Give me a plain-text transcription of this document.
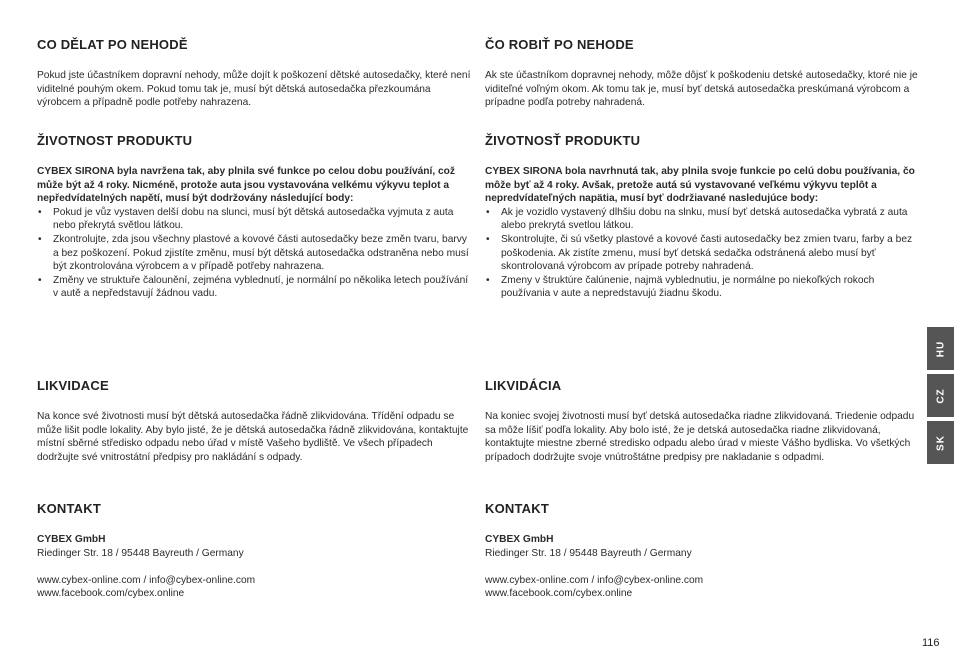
CO DĚLAT PO NEHODĚ

Pokud jste účastníkem dopravní nehody, může dojít k poškození dětské autosedačky, které není viditelné pouhým okem. Pokud tomu tak je, musí být dětská autosedačka přezkoumána výrobcem a případně podle potřeby nahrazena.

ŽIVOTNOST PRODUKTU

CYBEX SIRONA byla navržena tak, aby plnila své funkce po celou dobu používání, což může být až 4 roky. Nicméně, protože auta jsou vystavována velkému výkyvu teplot a nepředvídatelných napětí, musí být dodržovány následující body:

• Pokud je vůz vystaven delší dobu na slunci, musí být dětská autosedačka vyjmuta z auta nebo překrytá světlou látkou.
• Zkontrolujte, zda jsou všechny plastové a kovové části autosedačky beze změn tvaru, barvy a bez poškození. Pokud zjistíte změnu, musí být dětská autosedačka odstraněna nebo musí být zkontrolována výrobcem a v případě potřeby nahrazena.
• Změny ve struktuře čalounění, zejména vyblednutí, je normální po několika letech používání v autě a nepředstavují žádnou vadu.
LIKVIDACE

Na konce své životnosti musí být dětská autosedačka řádně zlikvidována. Třídění odpadu se může lišit podle lokality. Aby bylo jisté, že je dětská autosedačka řádně zlikvidována, kontaktujte místní sběrné středisko odpadu nebo úřad v místě Vašeho bydliště. Ve všech případech dodržujte své vnitrostátní předpisy pro nakládání s odpady.

KONTAKT

CYBEX GmbH

Riedinger Str. 18 / 95448 Bayreuth / Germany

www.cybex-online.com / info@cybex-online.com

www.facebook.com/cybex.online

ČO ROBIŤ PO NEHODE

Ak ste účastníkom dopravnej nehody, môže dôjsť k poškodeniu detské autosedačky, ktoré nie je viditeľné voľným okom. Ak tomu tak je, musí byť detská autosedačka preskúmaná výrobcom a prípadne podľa potreby nahradená.

ŽIVOTNOSŤ PRODUKTU

CYBEX SIRONA bola navrhnutá tak, aby plnila svoje funkcie po celú dobu používania, čo môže byť až 4 roky. Avšak, pretože autá sú vystavované veľkému výkyvu teplôt a nepredvídateľných napätia, musí byť dodržiavané nasledujúce body:

• Ak je vozidlo vystavený dlhšiu dobu na slnku, musí byť detská autosedačka vybratá z auta alebo prekrytá svetlou látkou.
• Skontrolujte, či sú všetky plastové a kovové časti autosedačky bez zmien tvaru, farby a bez poškodenia. Ak zistíte zmenu, musí byť detská sedačka odstránená alebo musí byť skontrolovaná výrobcom av prípade potreby nahradená.
• Zmeny v štruktúre čalúnenie, najmä vyblednutiu, je normálne po niekoľkých rokoch používania v aute a nepredstavujú žiadnu škodu.
LIKVIDÁCIA

Na koniec svojej životnosti musí byť detská autosedačka riadne zlikvidovaná. Triedenie odpadu sa môže líšiť podľa lokality. Aby bolo isté, že je detská autosedačka riadne zlikvidovaná, kontaktujte miestne zberné stredisko odpadu alebo úrad v mieste Vášho bydliska. Vo všetkých prípadoch dodržujte svoje vnútroštátne predpisy pre nakladanie s odpadmi.

KONTAKT

CYBEX GmbH

Riedinger Str. 18 / 95448 Bayreuth / Germany

www.cybex-online.com / info@cybex-online.com

www.facebook.com/cybex.online

HU
CZ
SK
116
